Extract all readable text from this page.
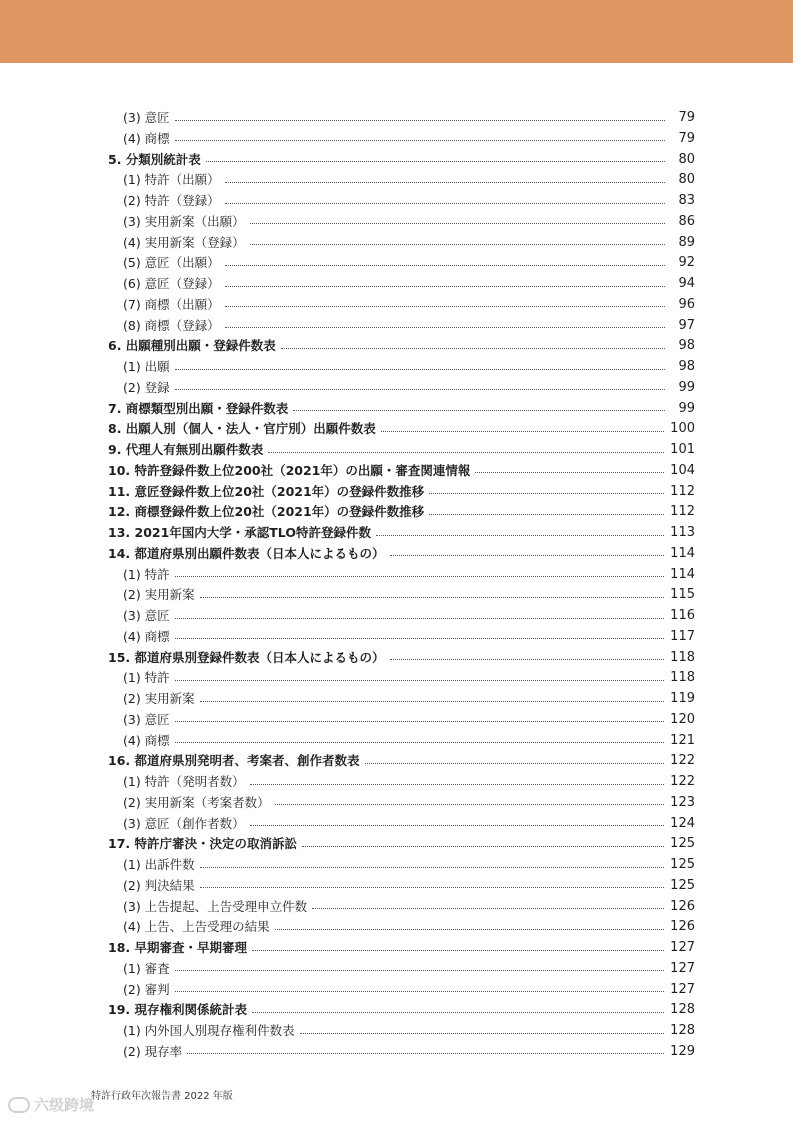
(3) 意匠	79
(4) 商標	79
5. 分類別統計表	80
(1) 特許（出願）	80
(2) 特許（登録）	83
(3) 実用新案（出願）	86
(4) 実用新案（登録）	89
(5) 意匠（出願）	92
(6) 意匠（登録）	94
(7) 商標（出願）	96
(8) 商標（登録）	97
6. 出願種別出願・登録件数表	98
(1) 出願	98
(2) 登録	99
7. 商標類型別出願・登録件数表	99
8. 出願人別（個人・法人・官庁別）出願件数表	100
9. 代理人有無別出願件数表	101
10. 特許登録件数上位200社（2021年）の出願・審査関連情報	104
11. 意匠登録件数上位20社（2021年）の登録件数推移	112
12. 商標登録件数上位20社（2021年）の登録件数推移	112
13. 2021年国内大学・承認TLO特許登録件数	113
14. 都道府県別出願件数表（日本人によるもの）	114
(1) 特許	114
(2) 実用新案	115
(3) 意匠	116
(4) 商標	117
15. 都道府県別登録件数表（日本人によるもの）	118
(1) 特許	118
(2) 実用新案	119
(3) 意匠	120
(4) 商標	121
16. 都道府県別発明者、考案者、創作者数表	122
(1) 特許（発明者数）	122
(2) 実用新案（考案者数）	123
(3) 意匠（創作者数）	124
17. 特許庁審決・決定の取消訴訟	125
(1) 出訴件数	125
(2) 判決結果	125
(3) 上告提起、上告受理申立件数	126
(4) 上告、上告受理の結果	126
18. 早期審査・早期審理	127
(1) 審査	127
(2) 審判	127
19. 現存権利関係統計表	128
(1) 内外国人別現存権利件数表	128
(2) 現存率	129
特許行政年次報告書 2022 年版
六级跨境
